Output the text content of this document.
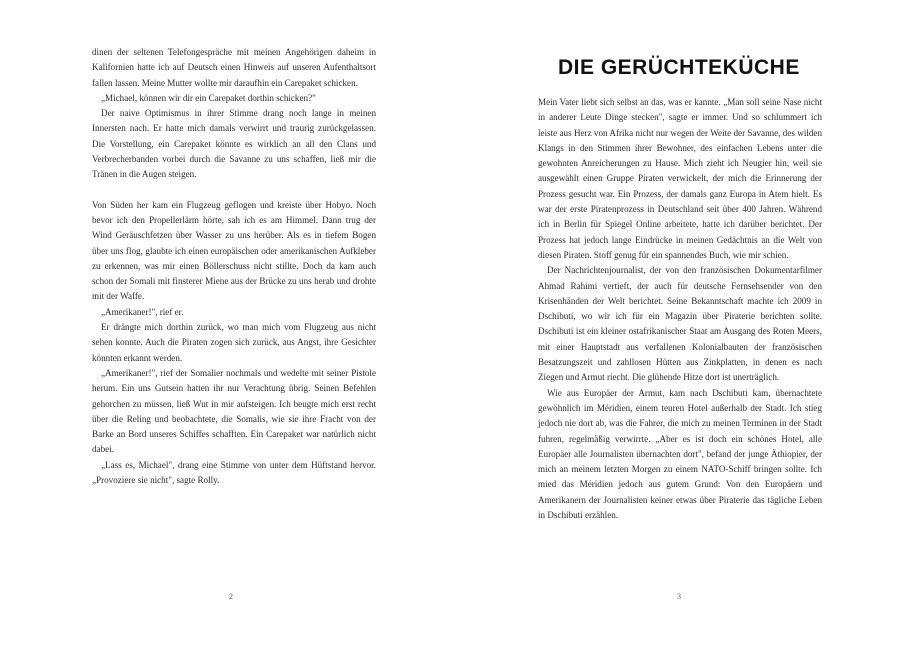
dinen der seltenen Telefongespräche mit meinen Angehörigen daheim in Kalifornien hatte ich auf Deutsch einen Hinweis auf unseren Aufenthaltsort fallen lassen. Meine Mutter wollte mir daraufhin ein Carepaket schicken.

„Michael, können wir dir ein Carepaket dorthin schicken?"

Der naive Optimismus in ihrer Stimme drang noch lange in meinen Innersten nach. Er hatte mich damals verwirrt und traurig zurückgelassen. Die Vorstellung, ein Carepaket könnte es wirklich an all den Clans und Verbrecherbanden vorbei durch die Savanne zu uns schaffen, ließ mir die Tränen in die Augen steigen.

Von Süden her kam ein Flugzeug geflogen und kreiste über Hobyo. Noch bevor ich den Propellerlärm hörte, sah ich es am Himmel. Dann trug der Wind Geräuschfetzen über Wasser zu uns herüber. Als es in tiefem Bogen über uns flog, glaubte ich einen europäischen oder amerikanischen Aufkleber zu erkennen, was mir einen Böllerschuss nicht stillte. Doch da kam auch schon der Somali mit finsterer Miene aus der Brücke zu uns herab und drohte mit der Waffe.

„Amerikaner!", rief er.

Er drängte mich dorthin zurück, wo man mich vom Flugzeug aus nicht sehen konnte. Auch die Piraten zogen sich zurück, aus Angst, ihre Gesichter könnten erkannt werden.

„Amerikaner!", rief der Somalier nochmals und wedelte mit seiner Pistole herum. Ein uns Gutsein hatten ihr nur Verachtung übrig. Seinen Befehlen gehorchen zu müssen, ließ Wut in mir aufsteigen. Ich beugte mich erst recht über die Reling und beobachtete, die Somalis, wie sie ihre Fracht von der Barke an Bord unseres Schiffes schafften. Ein Carepaket war natürlich nicht dabei.

„Lass es, Michael", drang eine Stimme von unter dem Hüftstand hervor. „Provoziere sie nicht", sagte Rolly.

2
DIE GERÜCHTEKÜCHE

Mein Vater liebt sich selbst an das, was er kannte. „Man soll seine Nase nicht in anderer Leute Dinge stecken", sagte er immer. Und so schlummert ich leiste aus Herz von Afrika nicht nur wegen der Weite der Savanne, des wilden Klangs in den Stimmen ihrer Bewohner, des einfachen Lebens unter die gewohnten Anreicherungen zu Hause. Mich zieht ich Neugier hin, weil sie ausgewählt einen Gruppe Piraten verwickelt, der mich die Erinnerung der Prozess gesucht war. Ein Prozess, der damals ganz Europa in Atem hielt. Es war der erste Piratenprozess in Deutschland seit über 400 Jahren. Während ich in Berlin für Spiegel Online arbeitete, hatte ich darüber berichtet. Der Prozess hat jedoch lange Eindrücke in meinen Gedächtnis an die Welt von diesen Piraten. Stoff genug für ein spannendes Buch, wie mir schien.

Der Nachrichtenjournalist, der von den französischen Dokumentarfilmer Ahmad Rahimi vertieft, der auch für deutsche Fernsehsender von den Krisenhänden der Welt berichtet. Seine Bekanntschaft machte ich 2009 in Dschibuti, wo wir ich für ein Magazin über Piraterie berichten sollte. Dschibuti ist ein kleiner ostafrikanischer Staat am Ausgang des Roten Meers, mit einer Hauptstadt aus verfallenen Kolonialbauten der französischen Besatzungszeit und zahllosen Hütten aus Zinkplatten, in denen es nach Ziegen und Armut riecht. Die glühende Hitze dort ist unerträglich.

Wie aus Europäer der Armut, kam nach Dschibuti kam, übernachtete gewöhnlich im Méridien, einem teuren Hotel außerhalb der Stadt. Ich stieg jedoch nie dort ab, was die Fahrer, die mich zu meinen Terminen in der Stadt fuhren, regelmäßig verwirrte. „Aber es ist doch ein schönes Hotel, alle Europäer alle Journalisten übernachten dort", befand der junge Äthiopier, der mich an meinem letzten Morgen zu einem NATO-Schiff bringen sollte. Ich mied das Méridien jedoch aus gutem Grund: Von den Europäern und Amerikanern der Journalisten keiner etwas über Piraterie das tägliche Leben in Dschibuti erzählen.

3
